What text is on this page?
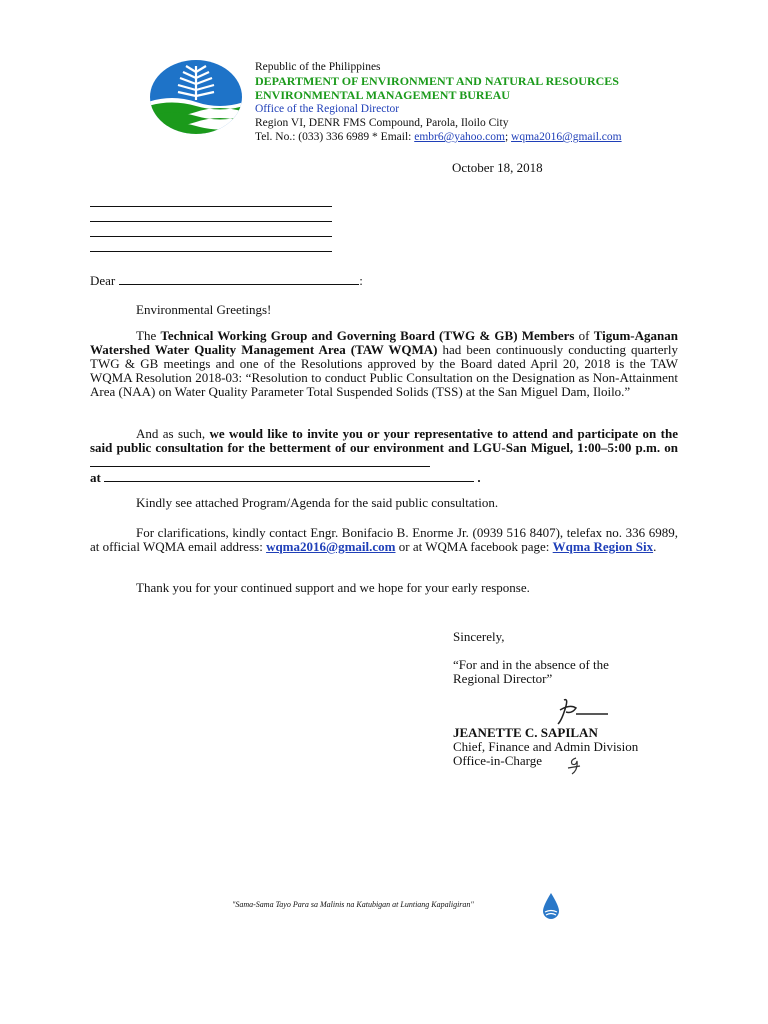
Republic of the Philippines
DEPARTMENT OF ENVIRONMENT AND NATURAL RESOURCES
ENVIRONMENTAL MANAGEMENT BUREAU
Office of the Regional Director
Region VI, DENR FMS Compound, Parola, Iloilo City
Tel. No.: (033) 336 6989 * Email: embr6@yahoo.com; wqma2016@gmail.com
October 18, 2018
Dear	:
Environmental Greetings!
The Technical Working Group and Governing Board (TWG & GB) Members of Tigum-Aganan Watershed Water Quality Management Area (TAW WQMA) had been continuously conducting quarterly TWG & GB meetings and one of the Resolutions approved by the Board dated April 20, 2018 is the TAW WQMA Resolution 2018-03: “Resolution to conduct Public Consultation on the Designation as Non-Attainment Area (NAA) on Water Quality Parameter Total Suspended Solids (TSS) at the San Miguel Dam, Iloilo.”
And as such, we would like to invite you or your representative to attend and participate on the said public consultation for the betterment of our environment and LGU-San Miguel, 1:00–5:00 p.m. on
at	.
Kindly see attached Program/Agenda for the said public consultation.
For clarifications, kindly contact Engr. Bonifacio B. Enorme Jr. (0939 516 8407), telefax no. 336 6989, at official WQMA email address: wqma2016@gmail.com or at WQMA facebook page: Wqma Region Six.
Thank you for your continued support and we hope for your early response.
Sincerely,
“For and in the absence of the
Regional Director”
JEANETTE C. SAPILAN
Chief, Finance and Admin Division
Office-in-Charge
"Sama-Sama Tayo Para sa Malinis na Katubigan at Luntiang Kapaligiran"
